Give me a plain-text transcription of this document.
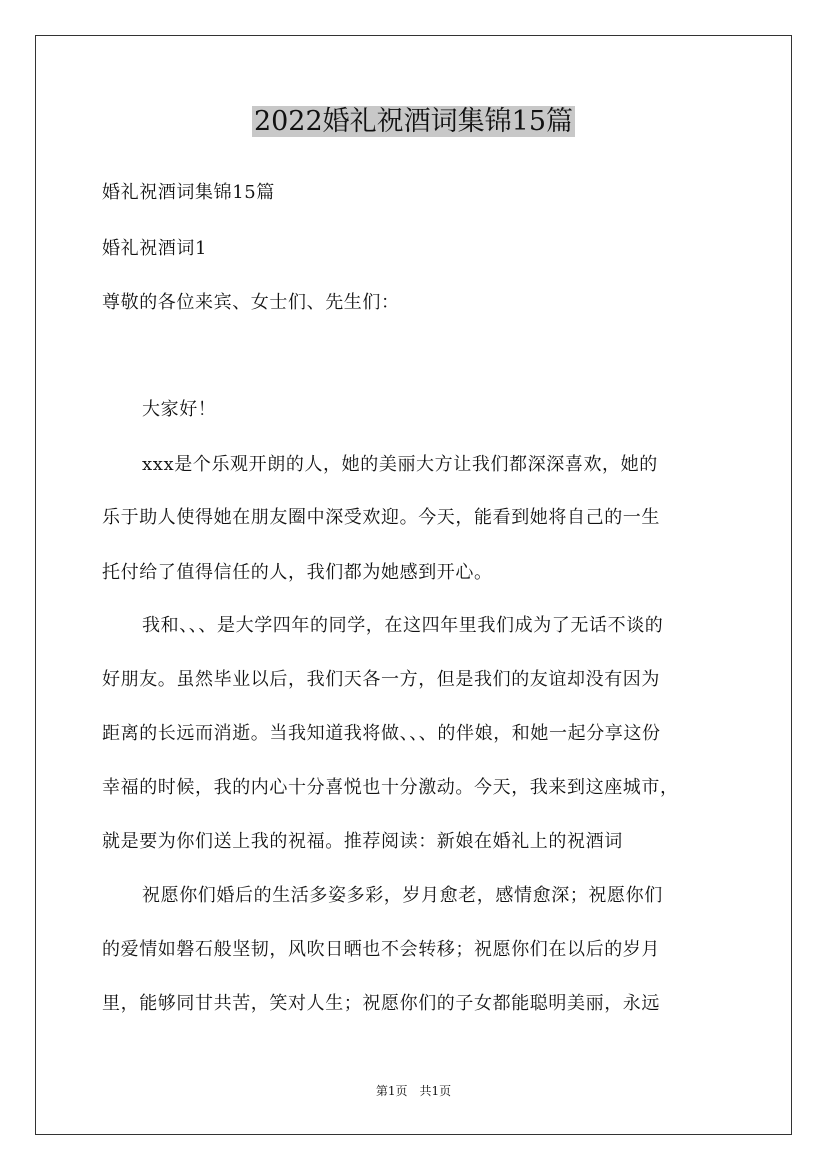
2022婚礼祝酒词集锦15篇
婚礼祝酒词集锦15篇
婚礼祝酒词1
尊敬的各位来宾、女士们、先生们：
大家好！
xxx是个乐观开朗的人，她的美丽大方让我们都深深喜欢，她的
乐于助人使得她在朋友圈中深受欢迎。今天，能看到她将自己的一生
托付给了值得信任的人，我们都为她感到开心。
我和、、、是大学四年的同学，在这四年里我们成为了无话不谈的
好朋友。虽然毕业以后，我们天各一方，但是我们的友谊却没有因为
距离的长远而消逝。当我知道我将做、、、的伴娘，和她一起分享这份
幸福的时候，我的内心十分喜悦也十分激动。今天，我来到这座城市，
就是要为你们送上我的祝福。推荐阅读：新娘在婚礼上的祝酒词
祝愿你们婚后的生活多姿多彩，岁月愈老，感情愈深；祝愿你们
的爱情如磐石般坚韧，风吹日晒也不会转移；祝愿你们在以后的岁月
里，能够同甘共苦，笑对人生；祝愿你们的子女都能聪明美丽，永远
第1页　共1页
